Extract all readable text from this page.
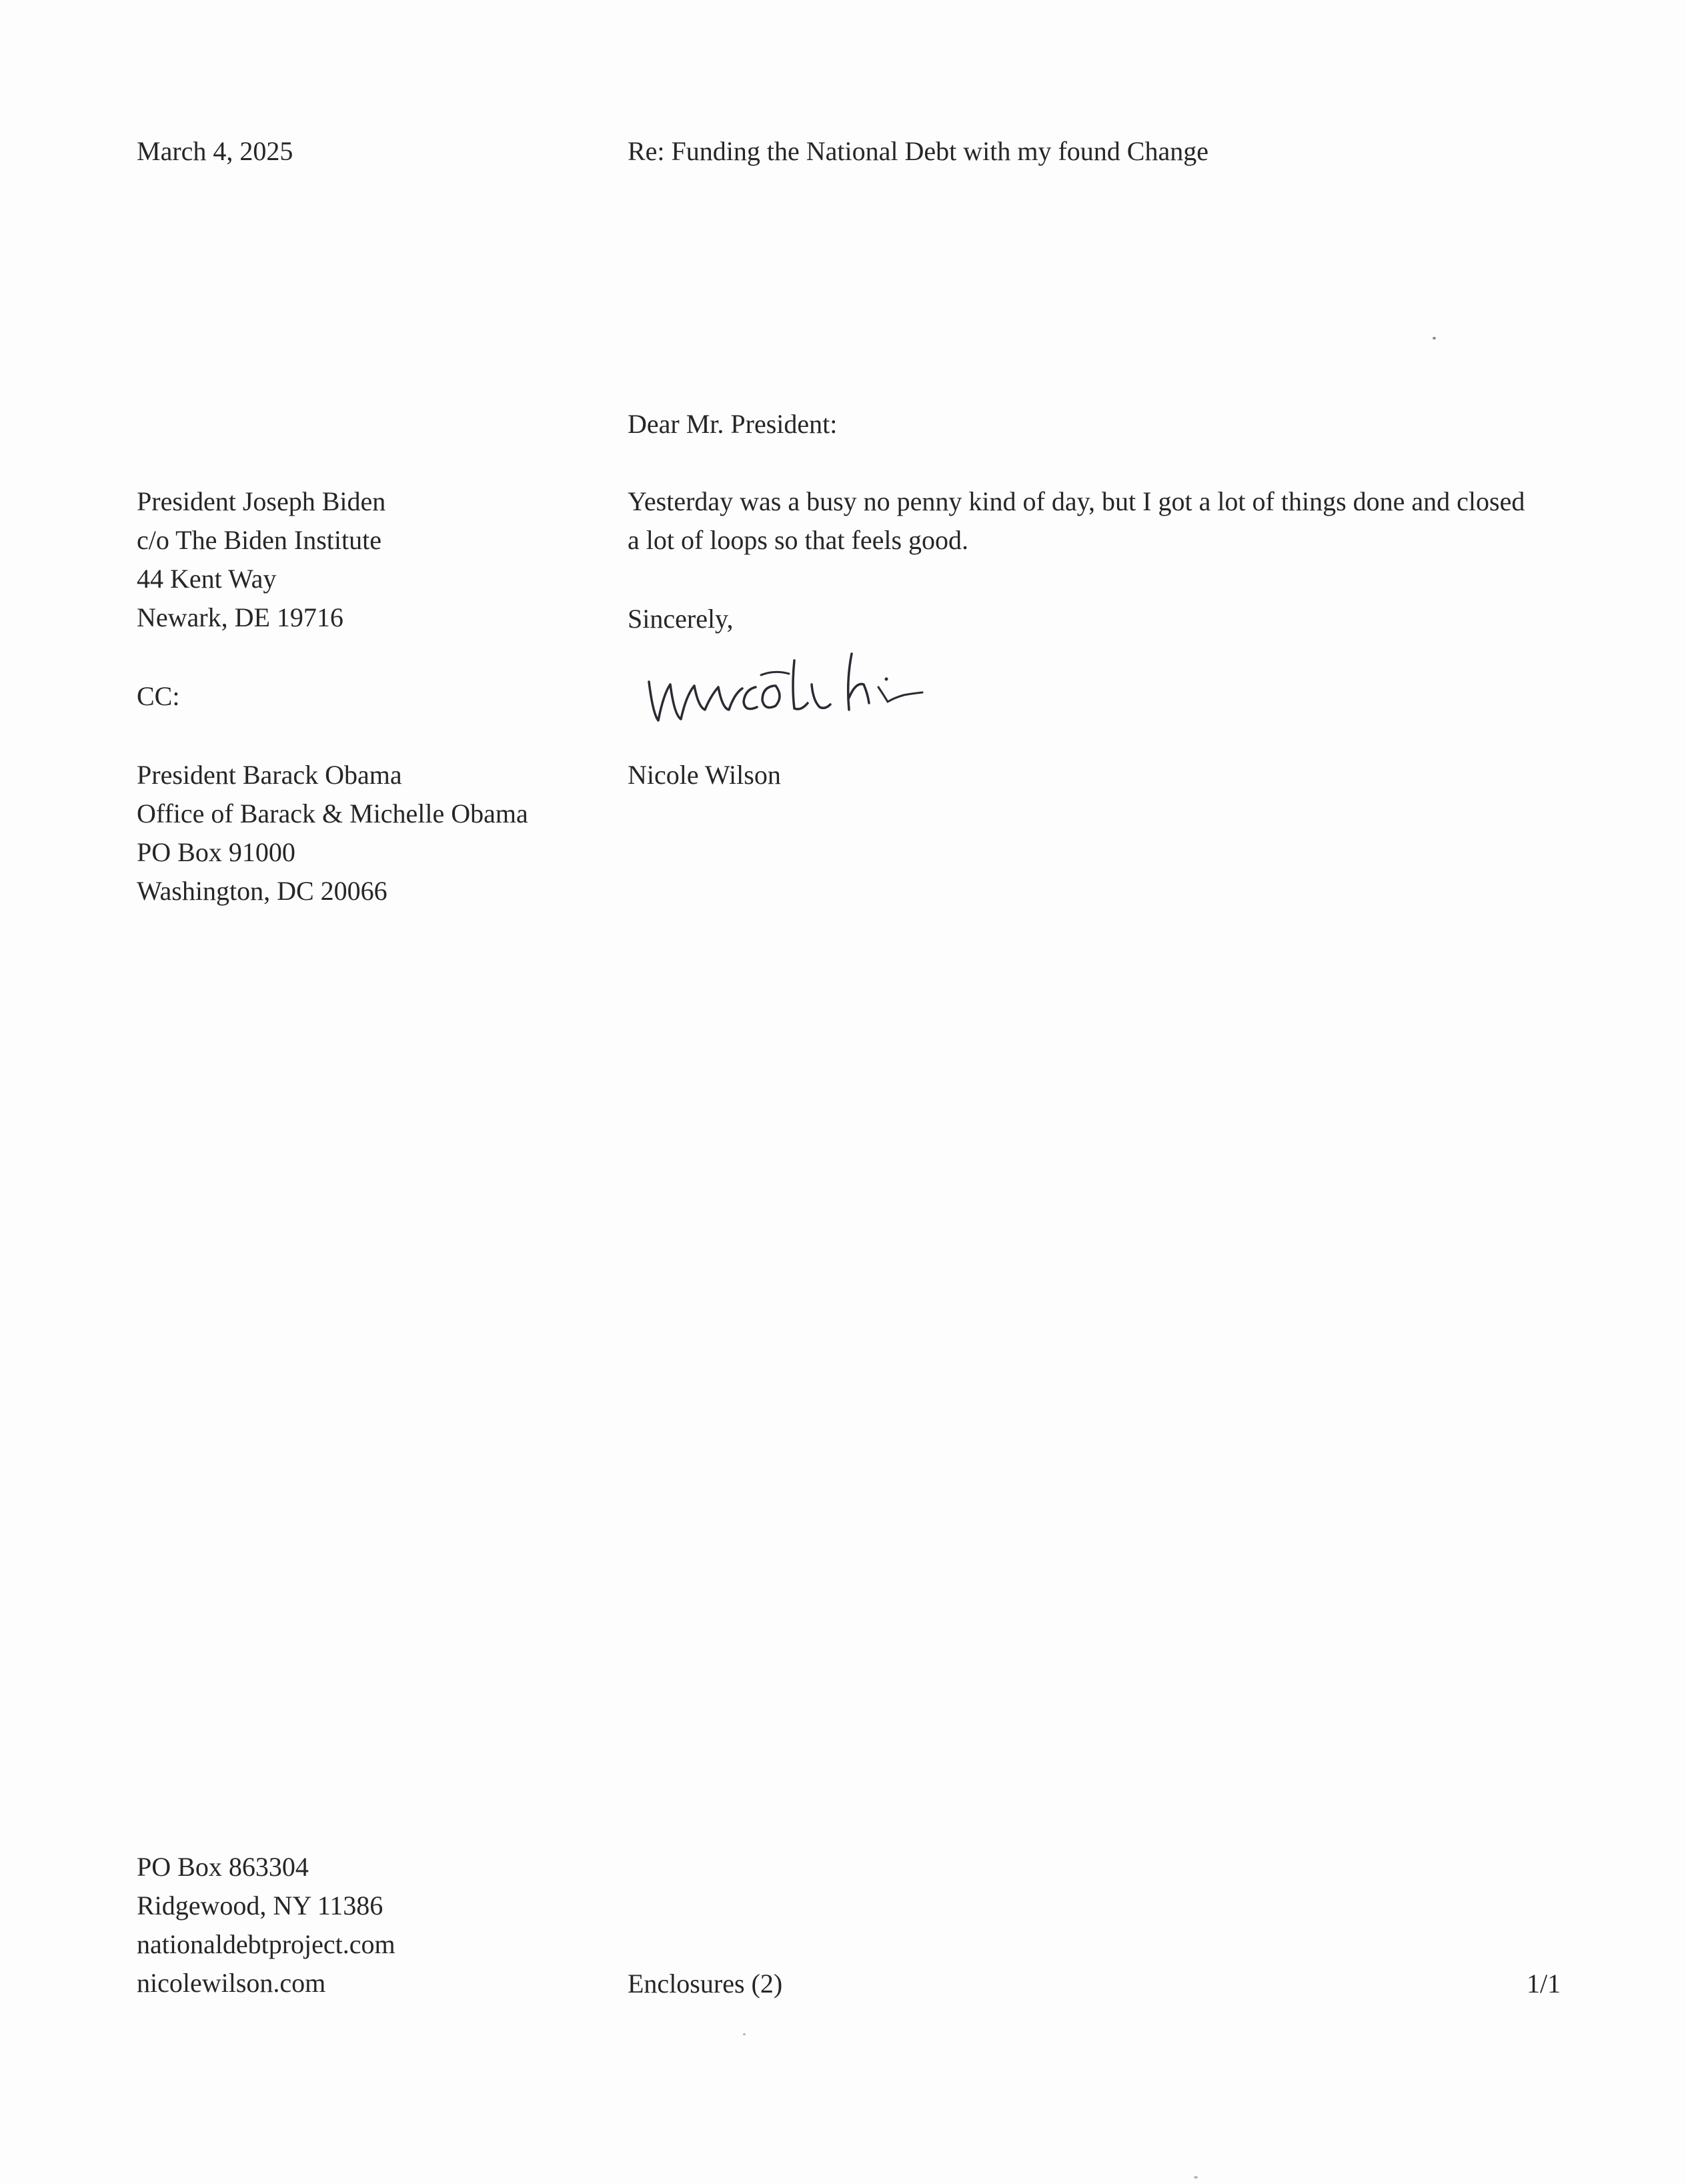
March 4, 2025	Re: Funding the National Debt with my found Change
Dear Mr. President:
President Joseph Biden
c/o The Biden Institute
44 Kent Way
Newark, DE 19716
Yesterday was a busy no penny kind of day, but I got a lot of things done and closed
a lot of loops so that feels good.
Sincerely,
CC:
Nicole Wilson
President Barack Obama
Office of Barack & Michelle Obama
PO Box 91000
Washington, DC 20066
PO Box 863304
Ridgewood, NY 11386
nationaldebtproject.com
nicolewilson.com	Enclosures (2)	1/1
